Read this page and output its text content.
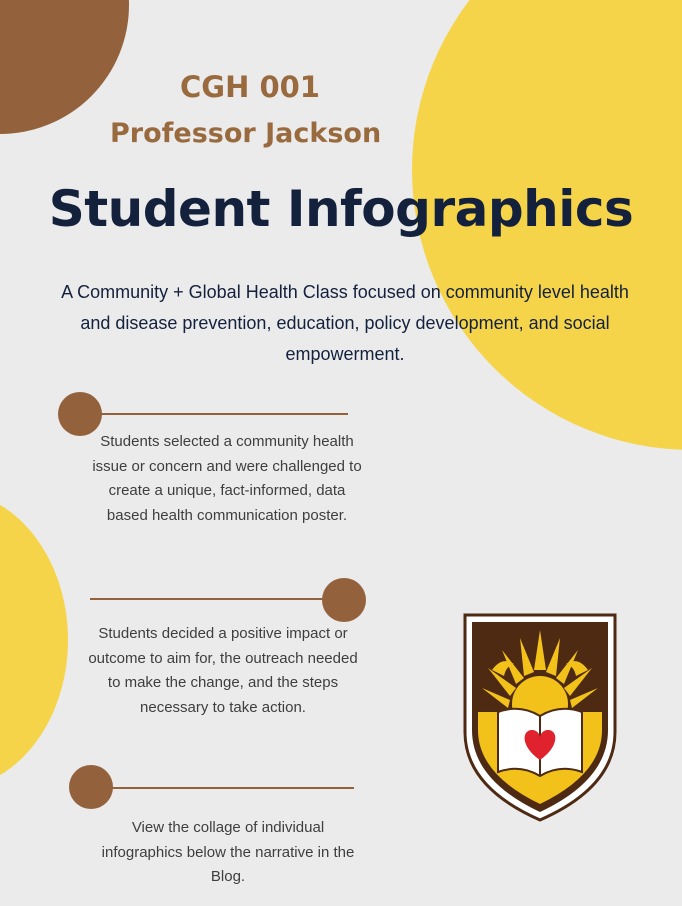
CGH 001
Professor Jackson
Student Infographics
A Community + Global Health Class focused on community level health and disease prevention, education, policy development, and social empowerment.
Students selected a community health issue or concern and were challenged to create a unique, fact-informed, data based health communication poster.
Students decided a positive impact or outcome to aim for, the outreach needed to make the change, and the steps necessary to take action.
View the collage of individual infographics below the narrative in the Blog.
